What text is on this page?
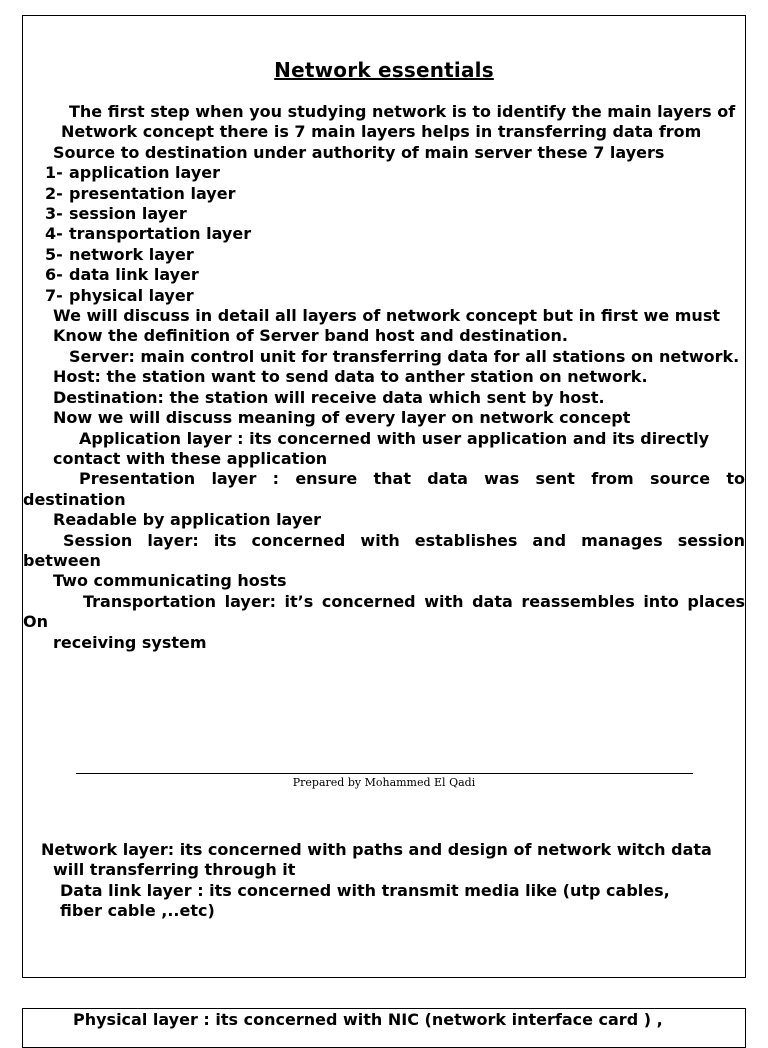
Network essentials

The first step when you studying network is to identify the main layers of

Network concept there is 7 main layers helps in transferring data from

Source to destination under authority of main server these 7 layers

1- application layer
2- presentation layer
3- session layer
4- transportation layer
5- network layer
6- data link layer
7- physical layer

We will discuss in detail all layers of network concept but in first we must

Know the definition of Server band host and destination.

Server: main control unit for transferring data for all stations on network.

Host: the station want to send data to anther station on network.

Destination: the station will receive data which sent by host.

Now we will discuss meaning of every layer on network concept

Application layer : its concerned with user application and its directly

contact with these application

Presentation layer : ensure that data was sent from source to destination

Readable by application layer

Session layer: its concerned with establishes and manages session between

Two communicating hosts

Transportation layer: it’s concerned with data reassembles into places On

receiving system

Prepared by Mohammed El Qadi

Network layer: its concerned with paths and design of network witch data

will transferring through it

Data link layer : its concerned with transmit media like (utp cables,

fiber cable ,..etc)

Physical layer : its concerned with NIC (network interface card ) ,
